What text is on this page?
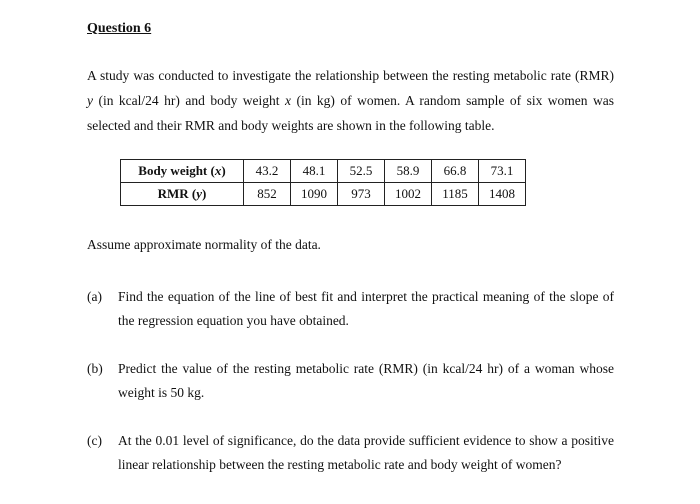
Question 6

A study was conducted to investigate the relationship between the resting metabolic rate (RMR) y (in kcal/24 hr) and body weight x (in kg) of women. A random sample of six women was selected and their RMR and body weights are shown in the following table.

Body weight (x)	43.2	48.1	52.5	58.9	66.8	73.1
RMR (y)	852	1090	973	1002	1185	1408
Assume approximate normality of the data.
(a) Find the equation of the line of best fit and interpret the practical meaning of the slope of the regression equation you have obtained.
(b) Predict the value of the resting metabolic rate (RMR) (in kcal/24 hr) of a woman whose weight is 50 kg.
(c) At the 0.01 level of significance, do the data provide sufficient evidence to show a positive linear relationship between the resting metabolic rate and body weight of women?
